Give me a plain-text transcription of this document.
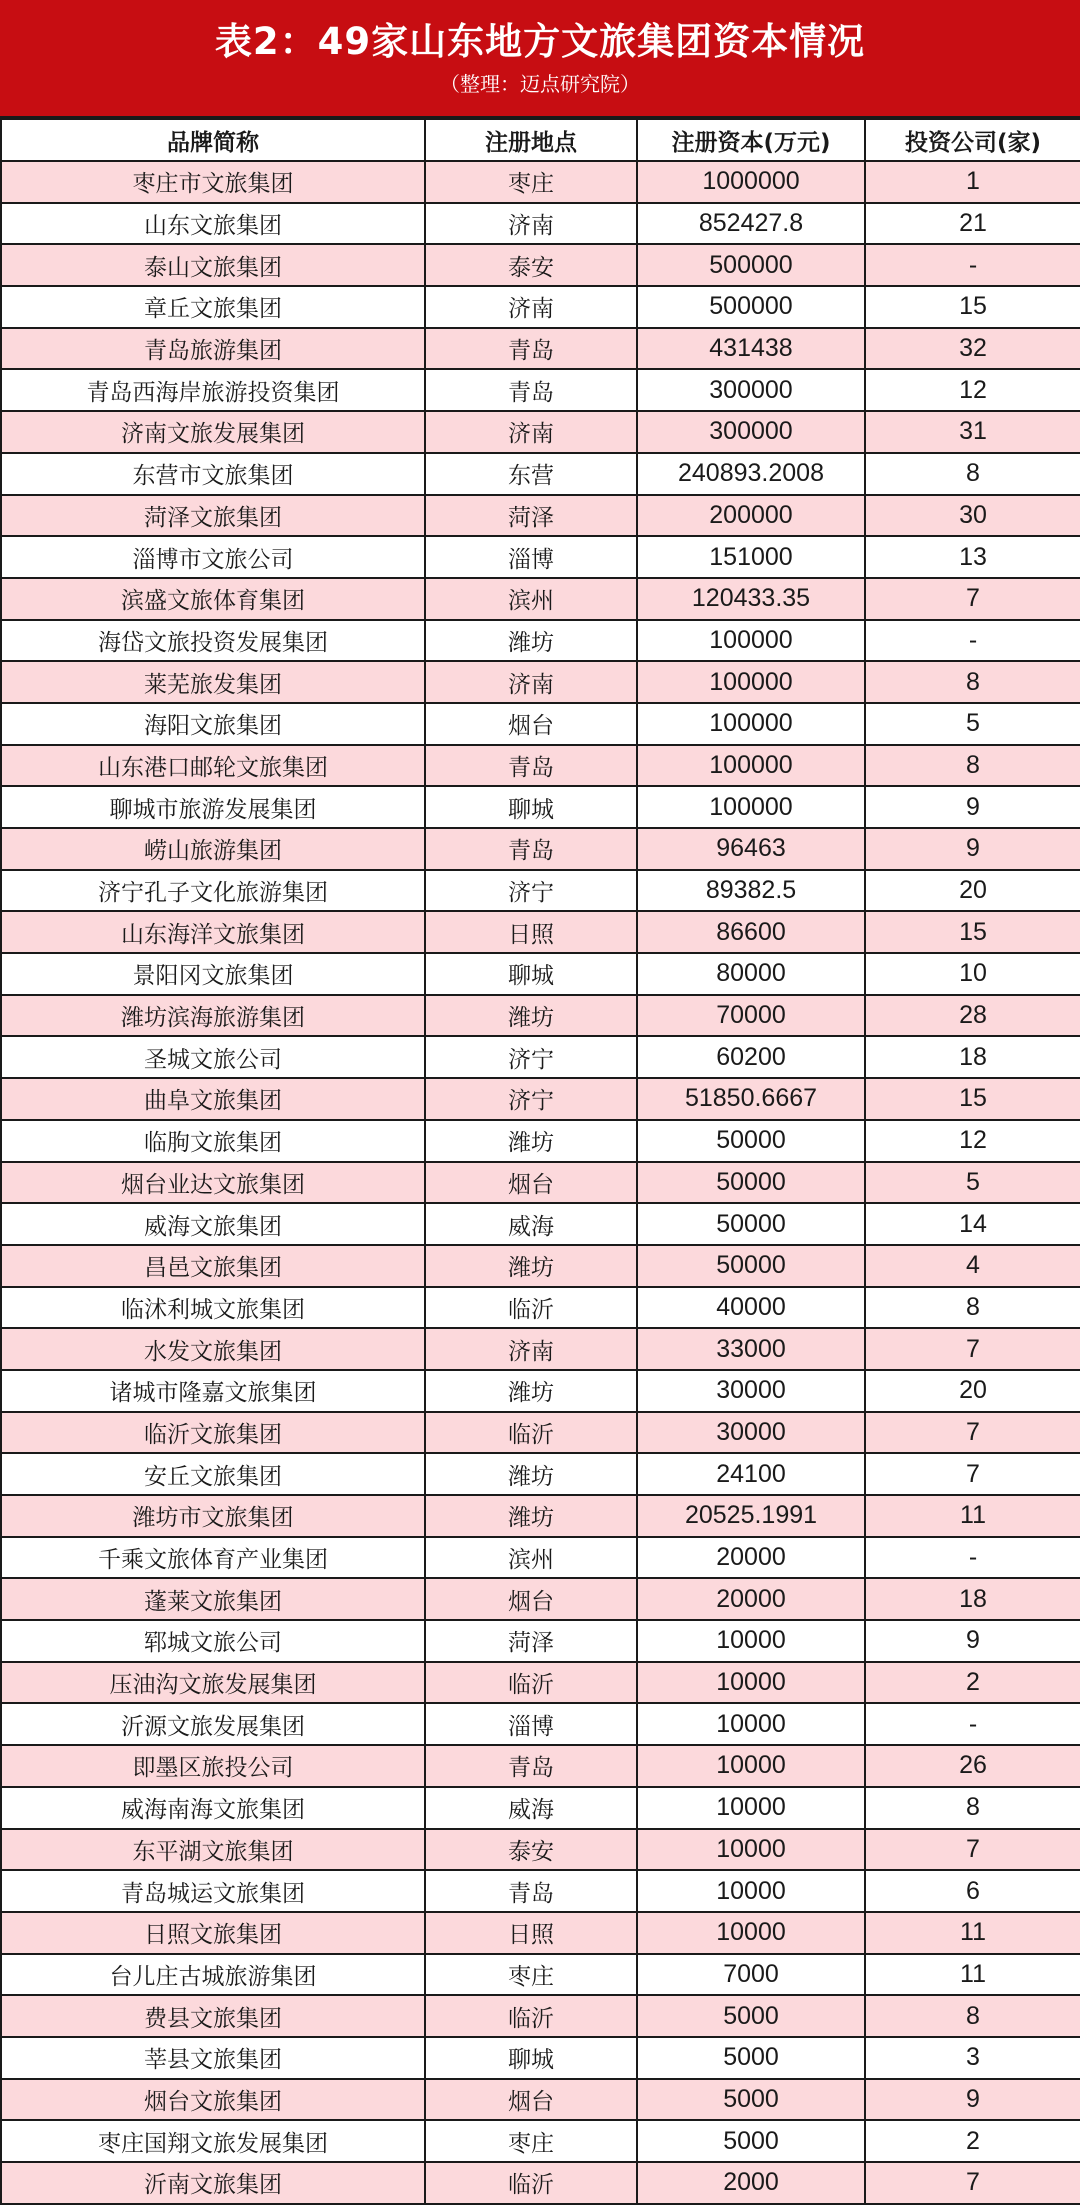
表2：49家山东地方文旅集团资本情况
（整理：迈点研究院）
品牌简称	注册地点	注册资本(万元)	投资公司(家)
枣庄市文旅集团	枣庄	1000000	1
山东文旅集团	济南	852427.8	21
泰山文旅集团	泰安	500000	-
章丘文旅集团	济南	500000	15
青岛旅游集团	青岛	431438	32
青岛西海岸旅游投资集团	青岛	300000	12
济南文旅发展集团	济南	300000	31
东营市文旅集团	东营	240893.2008	8
菏泽文旅集团	菏泽	200000	30
淄博市文旅公司	淄博	151000	13
滨盛文旅体育集团	滨州	120433.35	7
海岱文旅投资发展集团	潍坊	100000	-
莱芜旅发集团	济南	100000	8
海阳文旅集团	烟台	100000	5
山东港口邮轮文旅集团	青岛	100000	8
聊城市旅游发展集团	聊城	100000	9
崂山旅游集团	青岛	96463	9
济宁孔子文化旅游集团	济宁	89382.5	20
山东海洋文旅集团	日照	86600	15
景阳冈文旅集团	聊城	80000	10
潍坊滨海旅游集团	潍坊	70000	28
圣城文旅公司	济宁	60200	18
曲阜文旅集团	济宁	51850.6667	15
临朐文旅集团	潍坊	50000	12
烟台业达文旅集团	烟台	50000	5
威海文旅集团	威海	50000	14
昌邑文旅集团	潍坊	50000	4
临沭利城文旅集团	临沂	40000	8
水发文旅集团	济南	33000	7
诸城市隆嘉文旅集团	潍坊	30000	20
临沂文旅集团	临沂	30000	7
安丘文旅集团	潍坊	24100	7
潍坊市文旅集团	潍坊	20525.1991	11
千乘文旅体育产业集团	滨州	20000	-
蓬莱文旅集团	烟台	20000	18
郓城文旅公司	菏泽	10000	9
压油沟文旅发展集团	临沂	10000	2
沂源文旅发展集团	淄博	10000	-
即墨区旅投公司	青岛	10000	26
威海南海文旅集团	威海	10000	8
东平湖文旅集团	泰安	10000	7
青岛城运文旅集团	青岛	10000	6
日照文旅集团	日照	10000	11
台儿庄古城旅游集团	枣庄	7000	11
费县文旅集团	临沂	5000	8
莘县文旅集团	聊城	5000	3
烟台文旅集团	烟台	5000	9
枣庄国翔文旅发展集团	枣庄	5000	2
沂南文旅集团	临沂	2000	7
